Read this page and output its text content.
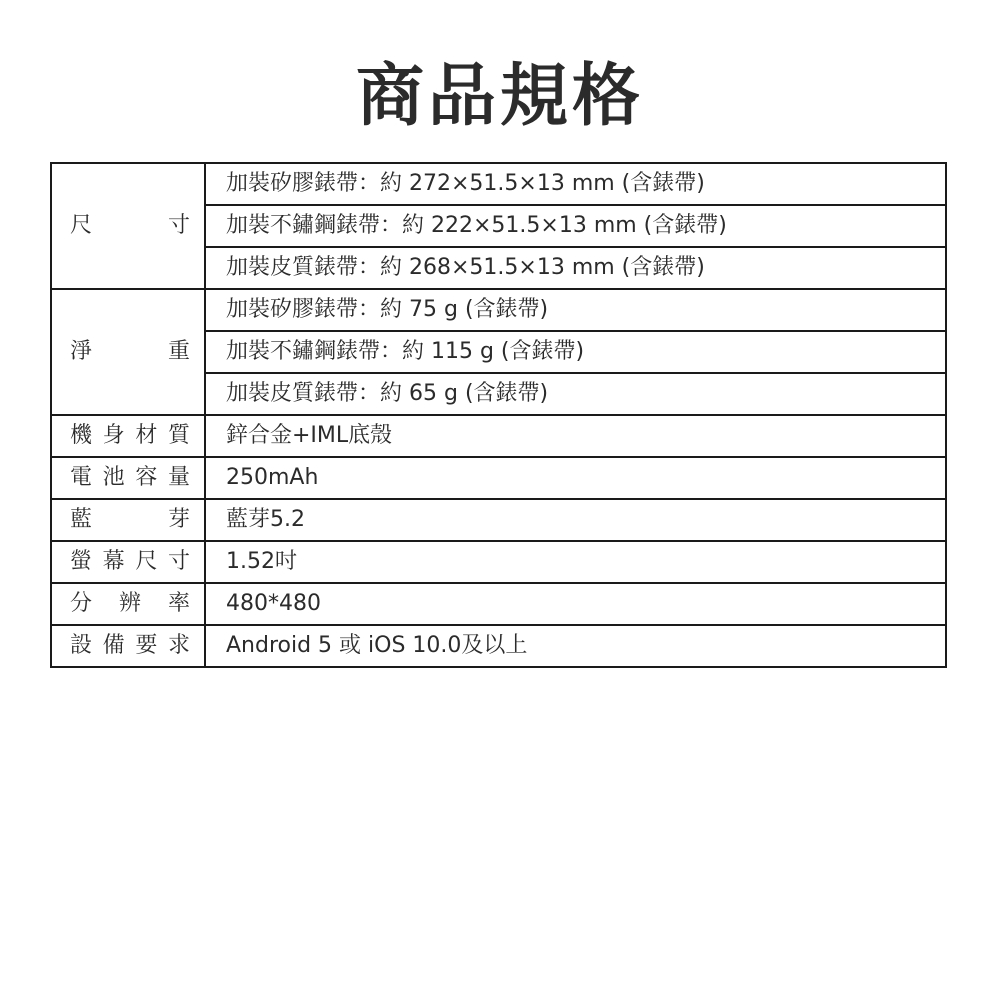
商品規格
尺 寸	加裝矽膠錶帶：約 272×51.5×13 mm (含錶帶)
	加裝不鏽鋼錶帶：約 222×51.5×13 mm (含錶帶)
	加裝皮質錶帶：約 268×51.5×13 mm (含錶帶)

淨 重	加裝矽膠錶帶：約 75 g (含錶帶)
	加裝不鏽鋼錶帶：約 115 g (含錶帶)
	加裝皮質錶帶：約 65 g (含錶帶)

機 身 材 質	鋅合金+IML底殼

電 池 容 量	250mAh

藍 芽	藍芽5.2

螢 幕 尺 寸	1.52吋

分 辨 率	480*480

設 備 要 求	Android 5 或 iOS 10.0及以上
